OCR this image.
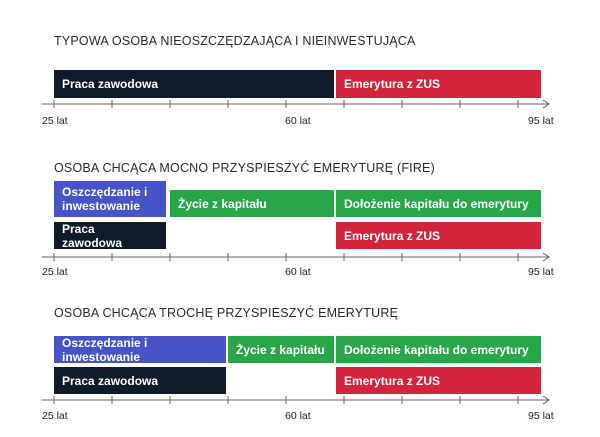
TYPOWA OSOBA NIEOSZCZĘDZAJĄCA I NIEINWESTUJĄCA
Praca zawodowa	Emerytura z ZUS
25 lat	60 lat	95 lat
OSOBA CHCĄCA MOCNO PRZYSPIESZYĆ EMERYTURĘ (FIRE)
Oszczędzanie i inwestowanie	Życie z kapitału	Dołożenie kapitału do emerytury
Praca zawodowa	Emerytura z ZUS
25 lat	60 lat	95 lat
OSOBA CHCĄCA TROCHĘ PRZYSPIESZYĆ EMERYTURĘ
Oszczędzanie i inwestowanie	Życie z kapitału	Dołożenie kapitału do emerytury
Praca zawodowa	Emerytura z ZUS
25 lat	60 lat	95 lat
